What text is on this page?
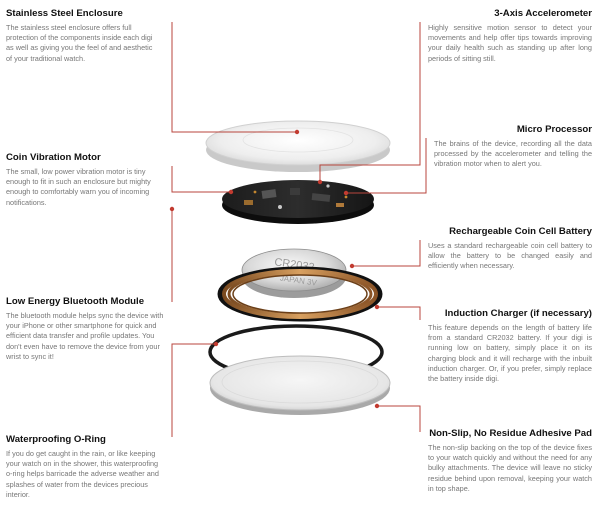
CR2032
JAPAN 3V
Stainless Steel Enclosure

The stainless steel enclosure offers full protection of the components inside each digi as well as giving you the feel of and aesthetic of your traditional watch.

Coin Vibration Motor

The small, low power vibration motor is tiny enough to fit in such an enclosure but mighty enough to comfortably warn you of incoming notifications.

Low Energy Bluetooth Module

The bluetooth module helps sync the device with your iPhone or other smartphone for quick and efficient data transfer and profile updates. You don't even have to remove the device from your wrist to sync it!

Waterproofing O-Ring

If you do get caught in the rain, or like keeping your watch on in the shower, this waterproofing o-ring helps barricade the adverse weather and splashes of water from the devices precious interior.

3-Axis Accelerometer

Highly sensitive motion sensor to detect your movements and help offer tips towards improving your daily health such as standing up after long periods of sitting still.

Micro Processor

The brains of the device, recording all the data processed by the accelerometer and telling the vibration motor when to alert you.

Rechargeable Coin Cell Battery

Uses a standard rechargeable coin cell battery to allow the battery to be changed easily and efficiently when necessary.

Induction Charger (if necessary)

This feature depends on the length of battery life from a standard CR2032 battery. If your digi is running low on battery, simply place it on its charging block and it will recharge with the inbuilt induction charger. Or, if you prefer, simply replace the battery inside digi.

Non-Slip, No Residue Adhesive Pad

The non-slip backing on the top of the device fixes to your watch quickly and without the need for any bulky attachments. The device will leave no sticky residue behind upon removal, keeping your watch in top shape.
